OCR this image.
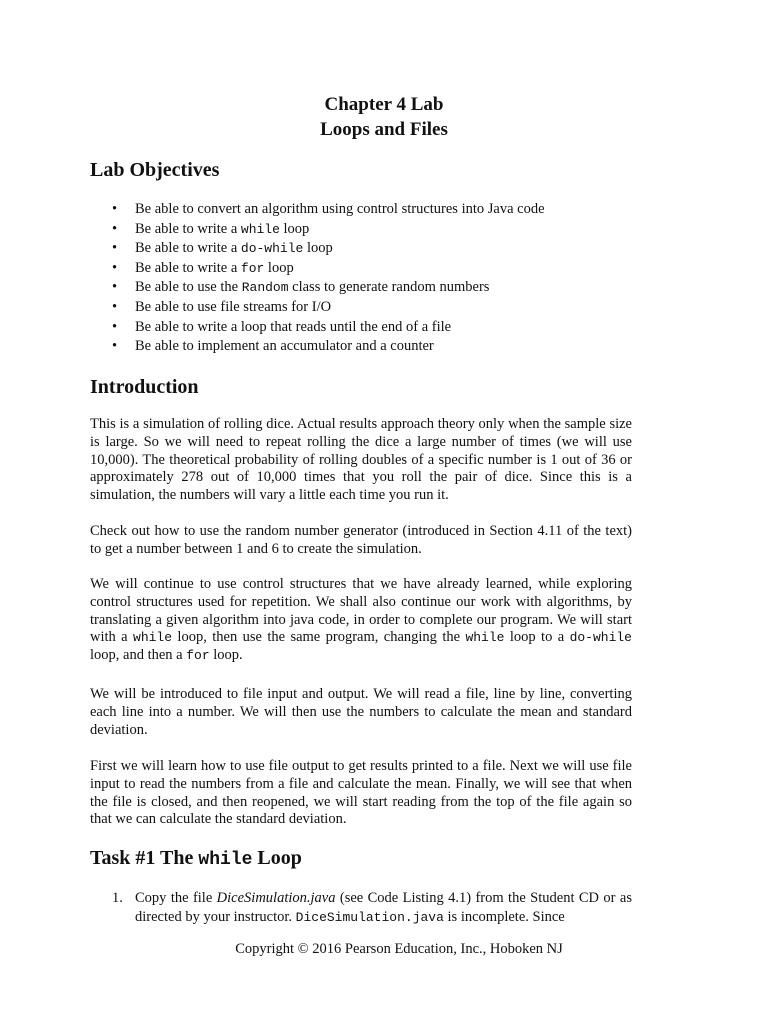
Chapter 4 Lab
Loops and Files
Lab Objectives
• Be able to convert an algorithm using control structures into Java code
• Be able to write a while loop
• Be able to write a do-while loop
• Be able to write a for loop
• Be able to use the Random class to generate random numbers
• Be able to use file streams for I/O
• Be able to write a loop that reads until the end of a file
• Be able to implement an accumulator and a counter
Introduction

This is a simulation of rolling dice. Actual results approach theory only when the sample size is large. So we will need to repeat rolling the dice a large number of times (we will use 10,000). The theoretical probability of rolling doubles of a specific number is 1 out of 36 or approximately 278 out of 10,000 times that you roll the pair of dice. Since this is a simulation, the numbers will vary a little each time you run it.

Check out how to use the random number generator (introduced in Section 4.11 of the text) to get a number between 1 and 6 to create the simulation.

We will continue to use control structures that we have already learned, while exploring control structures used for repetition. We shall also continue our work with algorithms, by translating a given algorithm into java code, in order to complete our program. We will start with a while loop, then use the same program, changing the while loop to a do-while loop, and then a for loop.

We will be introduced to file input and output. We will read a file, line by line, converting each line into a number. We will then use the numbers to calculate the mean and standard deviation.

First we will learn how to use file output to get results printed to a file. Next we will use file input to read the numbers from a file and calculate the mean. Finally, we will see that when the file is closed, and then reopened, we will start reading from the top of the file again so that we can calculate the standard deviation.

Task #1 The while Loop
1. Copy the file DiceSimulation.java (see Code Listing 4.1) from the Student CD or as directed by your instructor. DiceSimulation.java is incomplete. Since
Copyright © 2016 Pearson Education, Inc., Hoboken NJ
